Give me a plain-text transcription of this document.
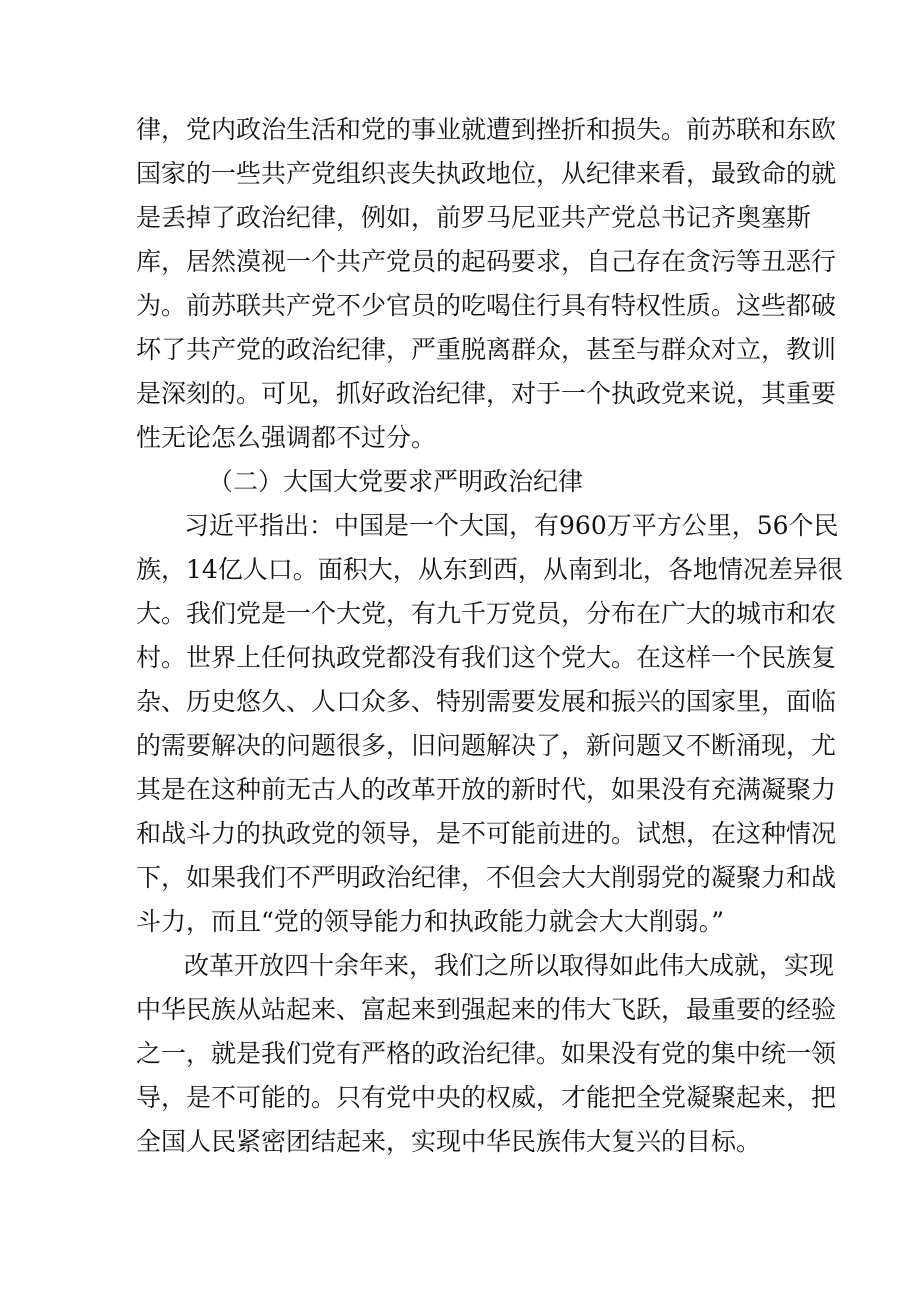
律，党内政治生活和党的事业就遭到挫折和损失。前苏联和东欧
国家的一些共产党组织丧失执政地位，从纪律来看，最致命的就
是丢掉了政治纪律，例如，前罗马尼亚共产党总书记齐奥塞斯
库，居然漠视一个共产党员的起码要求，自己存在贪污等丑恶行
为。前苏联共产党不少官员的吃喝住行具有特权性质。这些都破
坏了共产党的政治纪律，严重脱离群众，甚至与群众对立，教训
是深刻的。可见，抓好政治纪律，对于一个执政党来说，其重要
性无论怎么强调都不过分。
（二）大国大党要求严明政治纪律
习近平指出：中国是一个大国，有960万平方公里，56个民
族，14亿人口。面积大，从东到西，从南到北，各地情况差异很
大。我们党是一个大党，有九千万党员，分布在广大的城市和农
村。世界上任何执政党都没有我们这个党大。在这样一个民族复
杂、历史悠久、人口众多、特别需要发展和振兴的国家里，面临
的需要解决的问题很多，旧问题解决了，新问题又不断涌现，尤
其是在这种前无古人的改革开放的新时代，如果没有充满凝聚力
和战斗力的执政党的领导，是不可能前进的。试想，在这种情况
下，如果我们不严明政治纪律，不但会大大削弱党的凝聚力和战
斗力，而且“党的领导能力和执政能力就会大大削弱。”
改革开放四十余年来，我们之所以取得如此伟大成就，实现
中华民族从站起来、富起来到强起来的伟大飞跃，最重要的经验
之一，就是我们党有严格的政治纪律。如果没有党的集中统一领
导，是不可能的。只有党中央的权威，才能把全党凝聚起来，把
全国人民紧密团结起来，实现中华民族伟大复兴的目标。
